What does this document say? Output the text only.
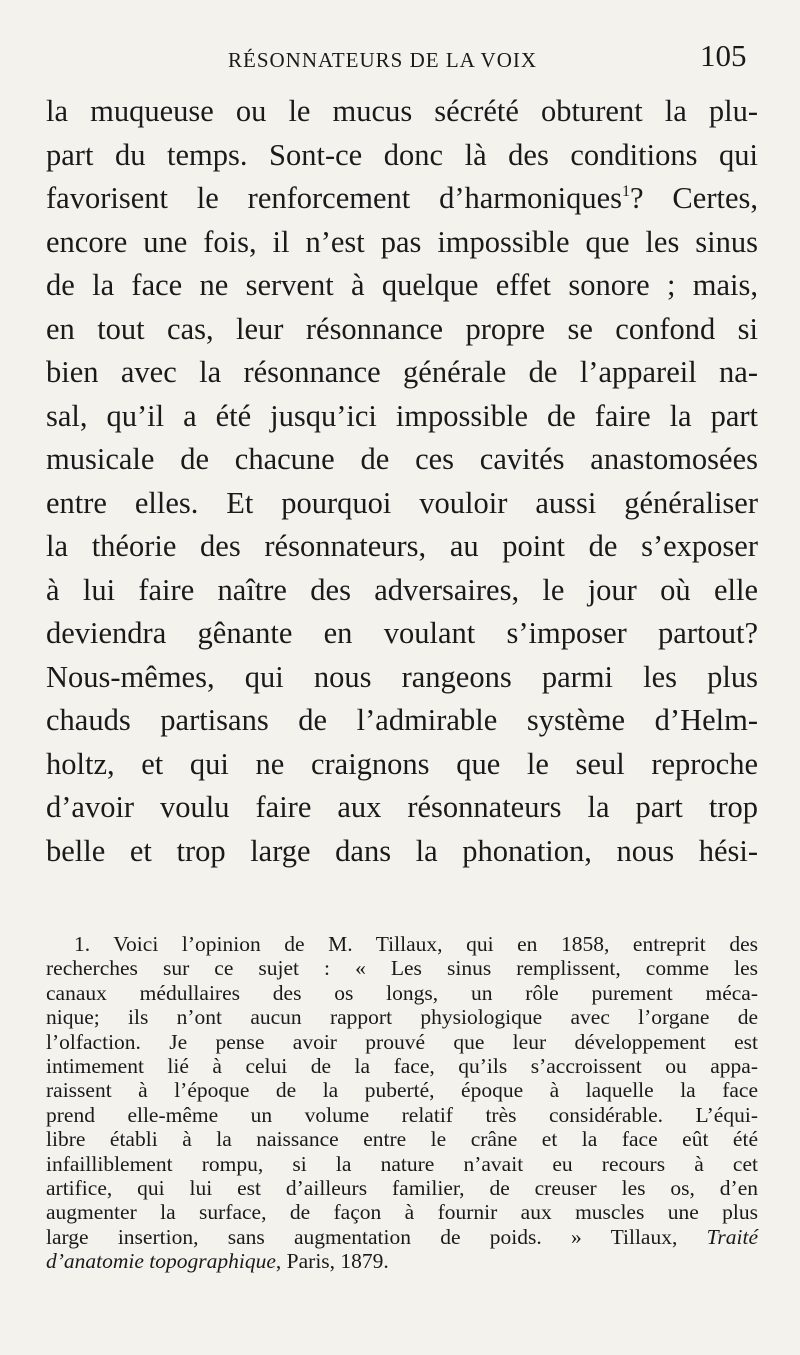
RÉSONNATEURS DE LA VOIX	105
la muqueuse ou le mucus sécrété obturent la plu-
part du temps. Sont-ce donc là des conditions qui
favorisent le renforcement d’harmoniques$^1$? Certes,
encore une fois, il n’est pas impossible que les sinus
de la face ne servent à quelque effet sonore ; mais,
en tout cas, leur résonnance propre se confond si
bien avec la résonnance générale de l’appareil na-
sal, qu’il a été jusqu’ici impossible de faire la part
musicale de chacune de ces cavités anastomosées
entre elles. Et pourquoi vouloir aussi généraliser
la théorie des résonnateurs, au point de s’exposer
à lui faire naître des adversaires, le jour où elle
deviendra gênante en voulant s’imposer partout?
Nous-mêmes, qui nous rangeons parmi les plus
chauds partisans de l’admirable système d’Helm-
holtz, et qui ne craignons que le seul reproche
d’avoir voulu faire aux résonnateurs la part trop
belle et trop large dans la phonation, nous hési-
1. Voici l’opinion de M. Tillaux, qui en 1858, entreprit des
recherches sur ce sujet : « Les sinus remplissent, comme les
canaux médullaires des os longs, un rôle purement méca-
nique; ils n’ont aucun rapport physiologique avec l’organe de
l’olfaction. Je pense avoir prouvé que leur développement est
intimement lié à celui de la face, qu’ils s’accroissent ou appa-
raissent à l’époque de la puberté, époque à laquelle la face
prend elle-même un volume relatif très considérable. L’équi-
libre établi à la naissance entre le crâne et la face eût été
infailliblement rompu, si la nature n’avait eu recours à cet
artifice, qui lui est d’ailleurs familier, de creuser les os, d’en
augmenter la surface, de façon à fournir aux muscles une plus
large insertion, sans augmentation de poids. » Tillaux, Traité
d’anatomie topographique, Paris, 1879.
